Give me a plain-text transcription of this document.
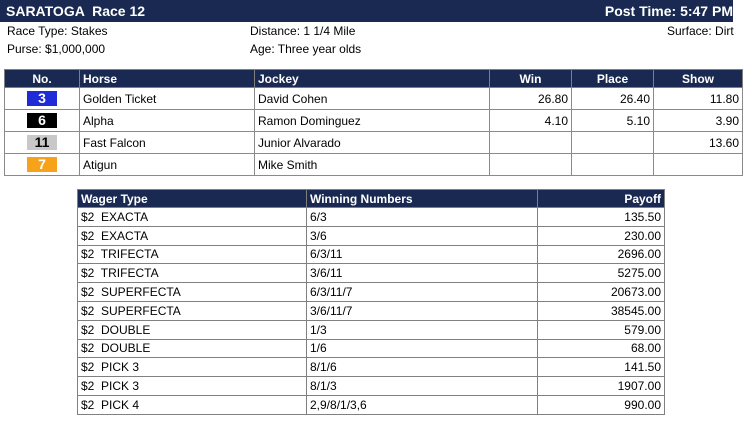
SARATOGA Race 12	Post Time: 5:47 PM
Race Type: Stakes
Purse: $1,000,000
Distance: 1 1/4 Mile
Age: Three year olds
Surface: Dirt
No.	Horse	Jockey	Win	Place	Show
3	Golden Ticket	David Cohen	26.80	26.40	11.80
6	Alpha	Ramon Dominguez	4.10	5.10	3.90
11	Fast Falcon	Junior Alvarado			13.60
7	Atigun	Mike Smith			
Wager Type	Winning Numbers	Payoff
$2  EXACTA	6/3	135.50
$2  EXACTA	3/6	230.00
$2  TRIFECTA	6/3/11	2696.00
$2  TRIFECTA	3/6/11	5275.00
$2  SUPERFECTA	6/3/11/7	20673.00
$2  SUPERFECTA	3/6/11/7	38545.00
$2  DOUBLE	1/3	579.00
$2  DOUBLE	1/6	68.00
$2  PICK 3	8/1/6	141.50
$2  PICK 3	8/1/3	1907.00
$2  PICK 4	2,9/8/1/3,6	990.00
